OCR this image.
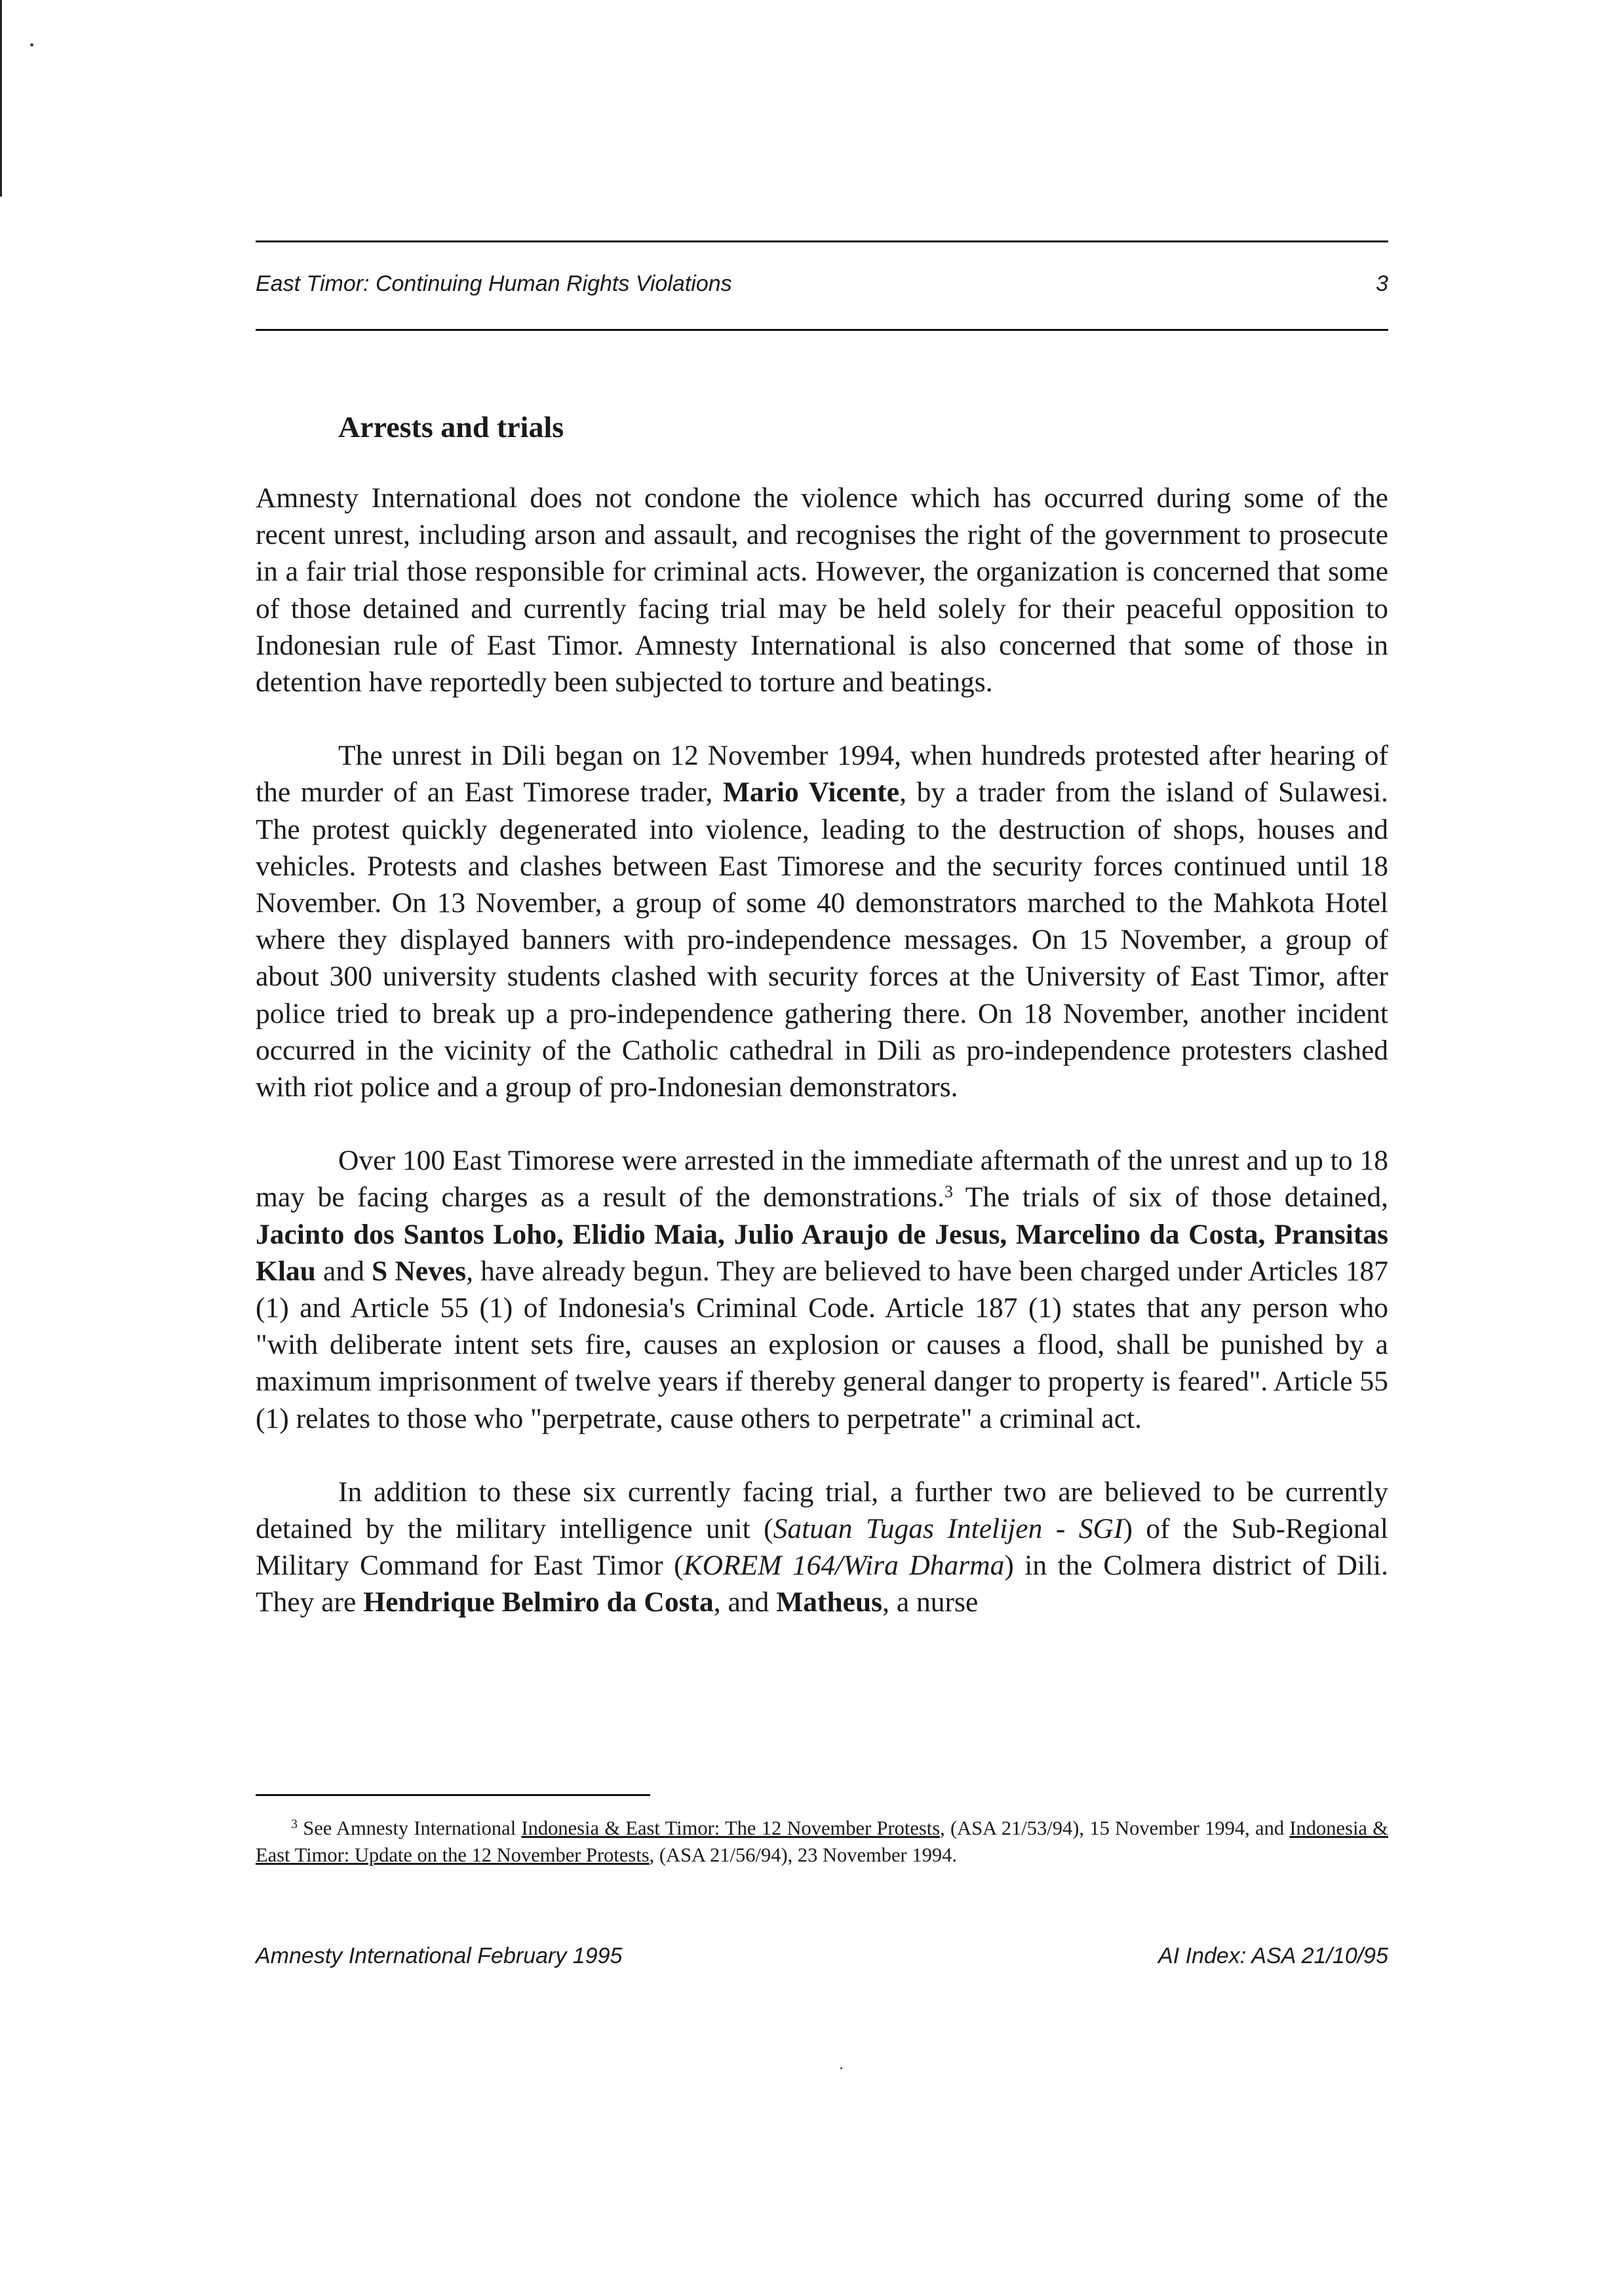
East Timor: Continuing Human Rights Violations	3
Arrests and trials

Amnesty International does not condone the violence which has occurred during some of the recent unrest, including arson and assault, and recognises the right of the government to prosecute in a fair trial those responsible for criminal acts. However, the organization is concerned that some of those detained and currently facing trial may be held solely for their peaceful opposition to Indonesian rule of East Timor. Amnesty International is also concerned that some of those in detention have reportedly been subjected to torture and beatings.

The unrest in Dili began on 12 November 1994, when hundreds protested after hearing of the murder of an East Timorese trader, Mario Vicente, by a trader from the island of Sulawesi. The protest quickly degenerated into violence, leading to the destruction of shops, houses and vehicles. Protests and clashes between East Timorese and the security forces continued until 18 November. On 13 November, a group of some 40 demonstrators marched to the Mahkota Hotel where they displayed banners with pro-independence messages. On 15 November, a group of about 300 university students clashed with security forces at the University of East Timor, after police tried to break up a pro-independence gathering there. On 18 November, another incident occurred in the vicinity of the Catholic cathedral in Dili as pro-independence protesters clashed with riot police and a group of pro-Indonesian demonstrators.

Over 100 East Timorese were arrested in the immediate aftermath of the unrest and up to 18 may be facing charges as a result of the demonstrations.$^3$ The trials of six of those detained, Jacinto dos Santos Loho, Elidio Maia, Julio Araujo de Jesus, Marcelino da Costa, Pransitas Klau and S Neves, have already begun. They are believed to have been charged under Articles 187 (1) and Article 55 (1) of Indonesia's Criminal Code. Article 187 (1) states that any person who "with deliberate intent sets fire, causes an explosion or causes a flood, shall be punished by a maximum imprisonment of twelve years if thereby general danger to property is feared". Article 55 (1) relates to those who "perpetrate, cause others to perpetrate" a criminal act.

In addition to these six currently facing trial, a further two are believed to be currently detained by the military intelligence unit (Satuan Tugas Intelijen - SGI) of the Sub-Regional Military Command for East Timor (KOREM 164/Wira Dharma) in the Colmera district of Dili. They are Hendrique Belmiro da Costa, and Matheus, a nurse

$^3$ See Amnesty International Indonesia & East Timor: The 12 November Protests, (ASA 21/53/94), 15 November 1994, and Indonesia & East Timor: Update on the 12 November Protests, (ASA 21/56/94), 23 November 1994.
Amnesty International February 1995	AI Index: ASA 21/10/95
